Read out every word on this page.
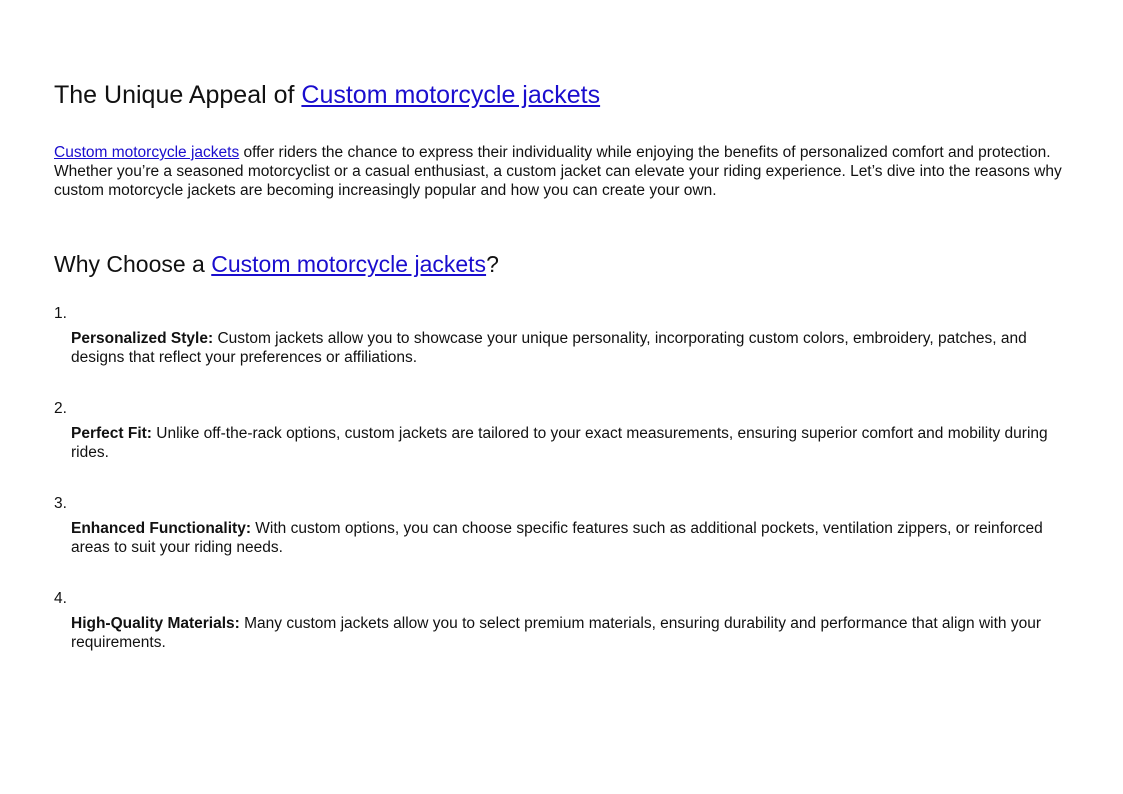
The Unique Appeal of Custom motorcycle jackets

Custom motorcycle jackets offer riders the chance to express their individuality while enjoying the benefits of personalized comfort and protection. Whether you’re a seasoned motorcyclist or a casual enthusiast, a custom jacket can elevate your riding experience. Let’s dive into the reasons why custom motorcycle jackets are becoming increasingly popular and how you can create your own.

Why Choose a Custom motorcycle jackets?
1.
Personalized Style: Custom jackets allow you to showcase your unique personality, incorporating custom colors, embroidery, patches, and designs that reflect your preferences or affiliations.
2.
Perfect Fit: Unlike off-the-rack options, custom jackets are tailored to your exact measurements, ensuring superior comfort and mobility during rides.
3.
Enhanced Functionality: With custom options, you can choose specific features such as additional pockets, ventilation zippers, or reinforced areas to suit your riding needs.
4.
High-Quality Materials: Many custom jackets allow you to select premium materials, ensuring durability and performance that align with your requirements.
